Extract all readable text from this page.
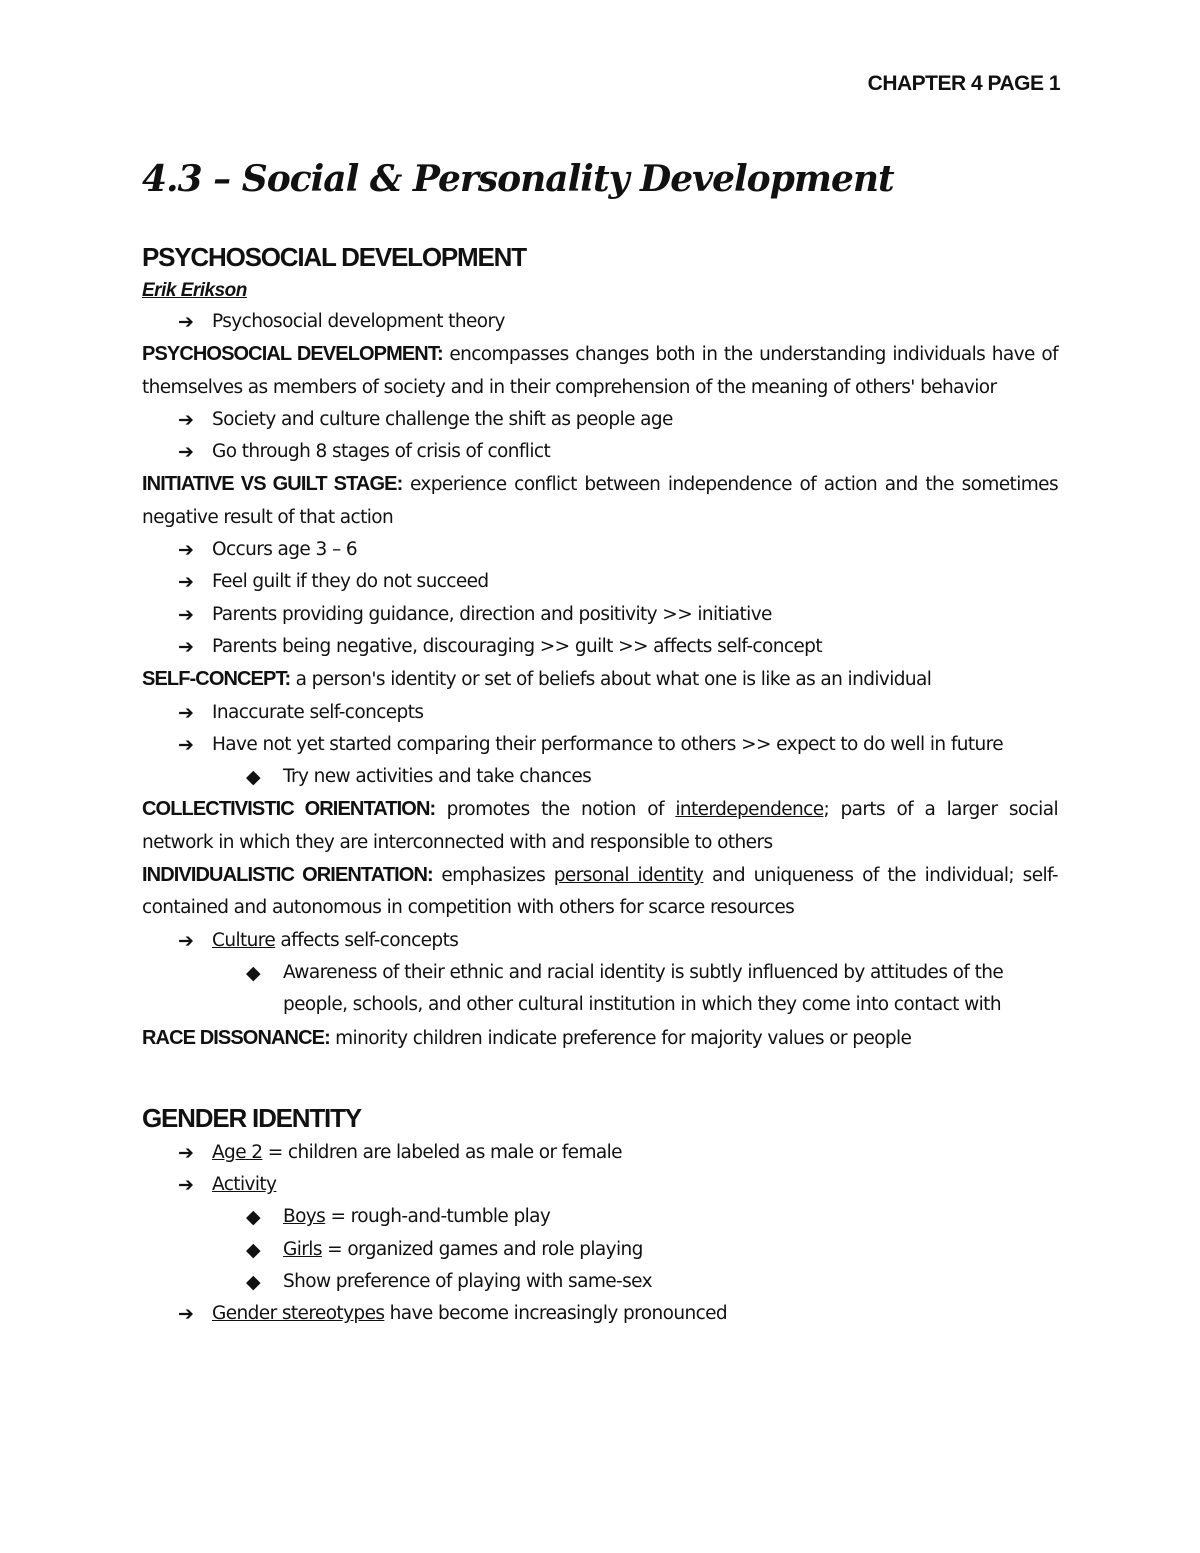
CHAPTER 4 PAGE 1
4.3 – Social & Personality Development
PSYCHOSOCIAL DEVELOPMENT
Erik Erikson
➔ Psychosocial development theory
PSYCHOSOCIAL DEVELOPMENT: encompasses changes both in the understanding individuals have of themselves as members of society and in their comprehension of the meaning of others' behavior
➔ Society and culture challenge the shift as people age
➔ Go through 8 stages of crisis of conflict
INITIATIVE VS GUILT STAGE: experience conflict between independence of action and the sometimes negative result of that action
➔ Occurs age 3 – 6
➔ Feel guilt if they do not succeed
➔ Parents providing guidance, direction and positivity >> initiative
➔ Parents being negative, discouraging >> guilt >> affects self-concept
SELF-CONCEPT: a person's identity or set of beliefs about what one is like as an individual
➔ Inaccurate self-concepts
➔ Have not yet started comparing their performance to others >> expect to do well in future
◆ Try new activities and take chances
COLLECTIVISTIC ORIENTATION: promotes the notion of interdependence; parts of a larger social network in which they are interconnected with and responsible to others
INDIVIDUALISTIC ORIENTATION: emphasizes personal identity and uniqueness of the individual; self-contained and autonomous in competition with others for scarce resources
➔ Culture affects self-concepts
◆ Awareness of their ethnic and racial identity is subtly influenced by attitudes of the people, schools, and other cultural institution in which they come into contact with
RACE DISSONANCE: minority children indicate preference for majority values or people
GENDER IDENTITY
➔ Age 2 = children are labeled as male or female
➔ Activity
◆ Boys = rough-and-tumble play
◆ Girls = organized games and role playing
◆ Show preference of playing with same-sex
➔ Gender stereotypes have become increasingly pronounced
